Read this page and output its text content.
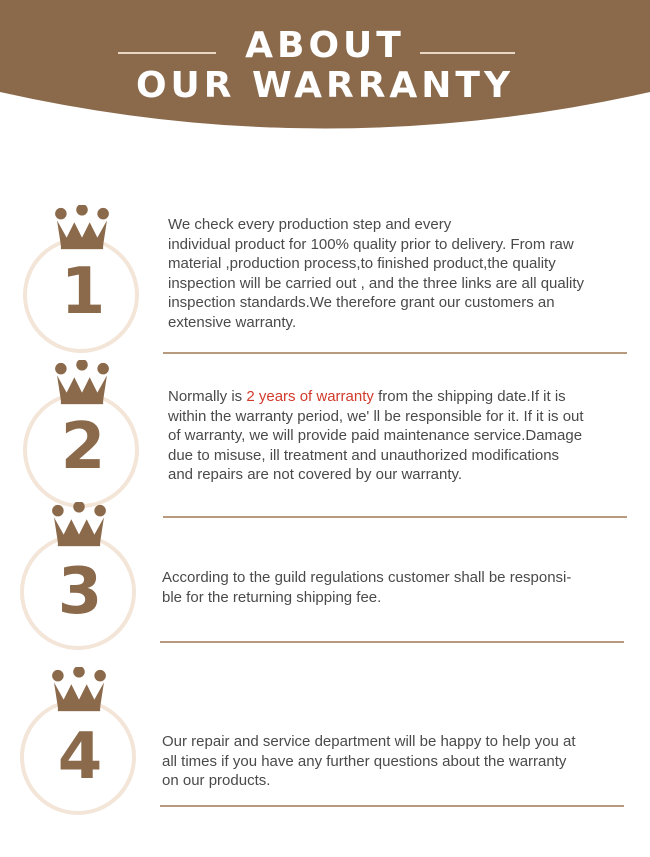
ABOUT
OUR WARRANTY
1
We check every production step and every
individual product for 100% quality prior to delivery. From raw
material ,production process,to finished product,the quality
inspection will be carried out , and the three links are all quality
inspection standards.We therefore grant our customers an
extensive warranty.
2
Normally is 2 years of warranty from the shipping date.If it is
within the warranty period, we' ll be responsible for it. If it is out
of warranty, we will provide paid maintenance service.Damage
due to misuse, ill treatment and unauthorized modifications
and repairs are not covered by our warranty.
3	According to the guild regulations customer shall be responsi-
ble for the returning shipping fee.
4	Our repair and service department will be happy to help you at
all times if you have any further questions about the warranty
on our products.
